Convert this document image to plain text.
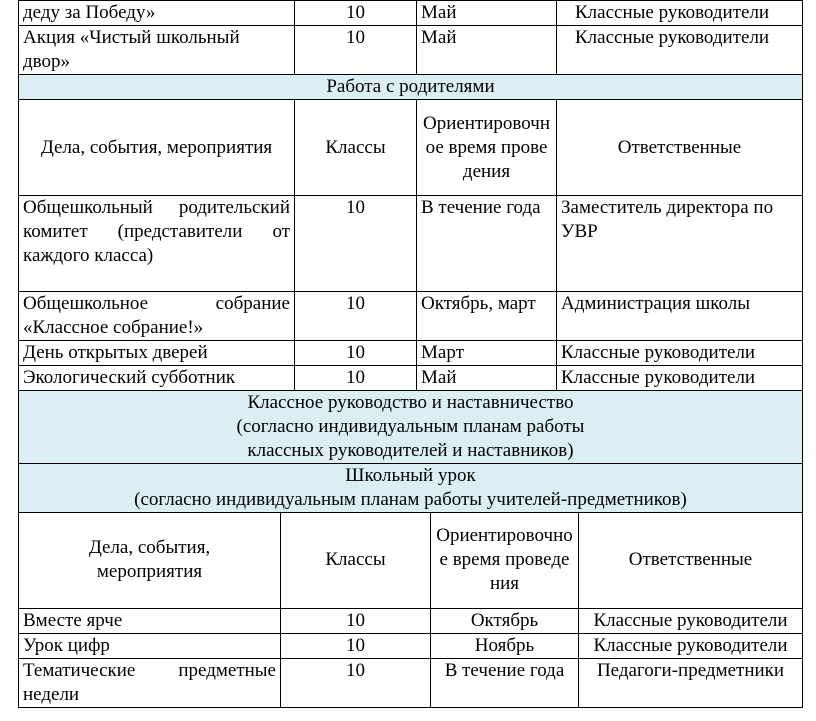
деду за Победу»	10	Май	Классные руководители
Акция «Чистый школьный двор»	10	Май	Классные руководители
Работа с родителями			
Дела, события, мероприятия	Классы	Ориентировочное время проведения	Ответственные
Общешкольный родительский комитет (представители от каждого класса)	10	В течение года	Заместитель директора по УВР
Общешкольное собрание «Классное собрание!»	10	Октябрь, март	Администрация школы
День открытых дверей	10	Март	Классные руководители
Экологический субботник	10	Май	Классные руководители

Классное руководство и наставничество
(согласно индивидуальным планам работы
классных руководителей и наставников)			

Школьный урок
(согласно индивидуальным планам работы учителей-предметников)			
Дела, события, мероприятия	Классы	Ориентировочное время проведения	Ответственные
Вместе ярче	10	Октябрь	Классные руководители
Урок цифр	10	Ноябрь	Классные руководители
Тематические предметные недели	10	В течение года	Педагоги-предметники
